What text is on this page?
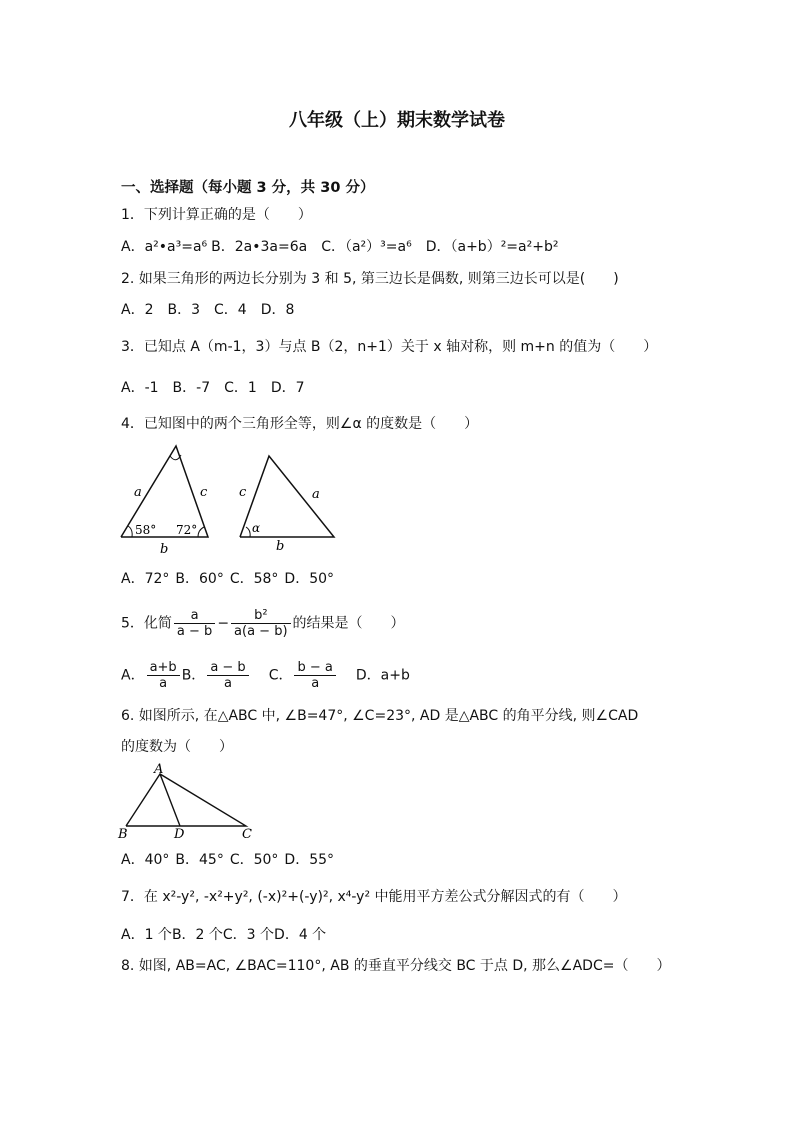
八年级（上）期末数学试卷
一、选择题（每小题 3 分，共 30 分）
1．下列计算正确的是（　　）
A．a²•a³=a⁶ B．2a•3a=6a C．（a²）³=a⁶ D．（a+b）²=a²+b²
2. 如果三角形的两边长分别为 3 和 5, 第三边长是偶数, 则第三边长可以是(　　)
A．2 B．3 C．4 D．8
3．已知点 A（m-1，3）与点 B（2，n+1）关于 x 轴对称，则 m+n 的值为（　　）
A．-1 B．-7 C．1 D．7
4．已知图中的两个三角形全等，则∠α 的度数是（　　）
a	c
b
58° 72°
c	a
b
α
A．72° B．60° C．58° D．50°
5．化简 $\frac{a}{a - b} - \frac{\text{b²}}{a(a - b)}$ 的结果是（　　）
A． $\frac{a+b}{a}$ B． $\frac{a - b}{a}$ C． $\frac{b - a}{a}$ D．a+b
6. 如图所示, 在△ABC 中, ∠B=47°, ∠C=23°, AD 是△ABC 的角平分线, 则∠CAD
的度数为（　　）
A
B	D	C
A．40° B．45° C．50° D．55°
7．在 x²-y², -x²+y², (-x)²+(-y)², x⁴-y² 中能用平方差公式分解因式的有（　　）
A．1 个B．2 个C．3 个D．4 个
8. 如图, AB=AC, ∠BAC=110°, AB 的垂直平分线交 BC 于点 D, 那么∠ADC=（　　）
